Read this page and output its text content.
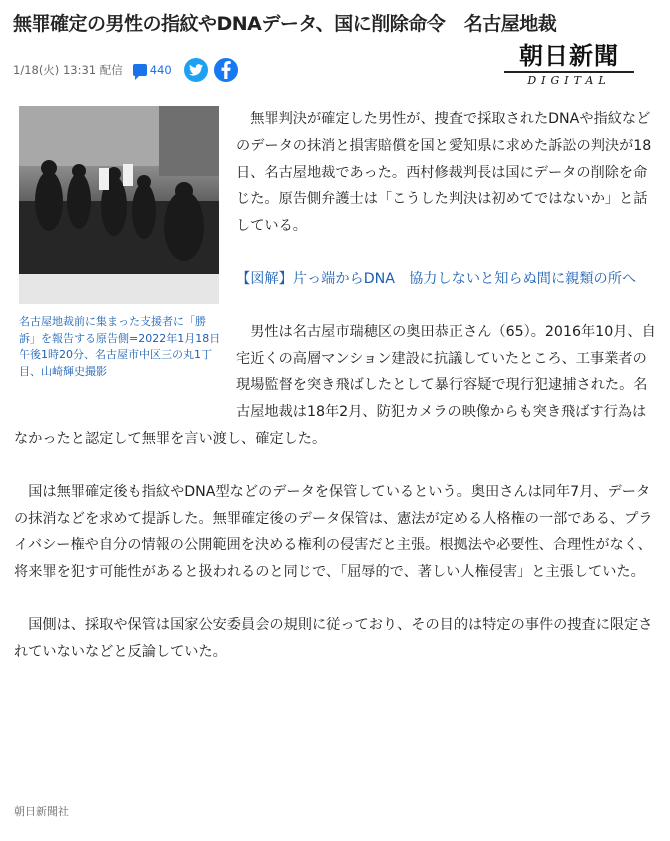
無罪確定の男性の指紋やDNAデータ、国に削除命令　名古屋地裁
1/18(火) 13:31 配信 440	朝日新聞
DIGITAL
名古屋地裁前に集まった支援者に「勝訴」を報告する原告側=2022年1月18日午後1時20分、名古屋市中区三の丸1丁目、山崎輝史撮影

無罪判決が確定した男性が、捜査で採取されたDNAや指紋などのデータの抹消と損害賠償を国と愛知県に求めた訴訟の判決が18日、名古屋地裁であった。西村修裁判長は国にデータの削除を命じた。原告側弁護士は「こうした判決は初めてではないか」と話している。

【図解】片っ端からDNA　協力しないと知らぬ間に親類の所へ

男性は名古屋市瑞穂区の奥田恭正さん（65）。2016年10月、自宅近くの高層マンション建設に抗議していたところ、工事業者の現場監督を突き飛ばしたとして暴行容疑で現行犯逮捕された。名古屋地裁は18年2月、防犯カメラの映像からも突き飛ばす行為はなかったと認定して無罪を言い渡し、確定した。

国は無罪確定後も指紋やDNA型などのデータを保管しているという。奥田さんは同年7月、データの抹消などを求めて提訴した。無罪確定後のデータ保管は、憲法が定める人格権の一部である、プライバシー権や自分の情報の公開範囲を決める権利の侵害だと主張。根拠法や必要性、合理性がなく、将来罪を犯す可能性があると扱われるのと同じで、「屈辱的で、著しい人権侵害」と主張していた。

国側は、採取や保管は国家公安委員会の規則に従っており、その目的は特定の事件の捜査に限定されていないなどと反論していた。

朝日新聞社
